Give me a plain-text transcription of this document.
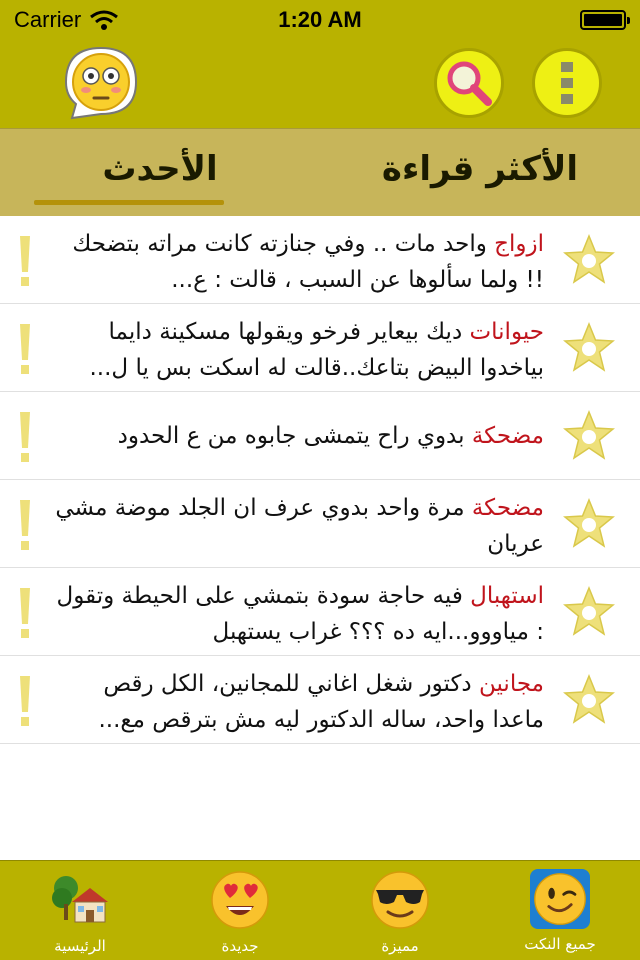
Carrier	1:20 AM
الأكثر قراءة
الأحدث
ازواج واحد مات .. وفي جنازته كانت مراته بتضحك !! ولما سألوها عن السبب ، قالت : ع...
حيوانات ديك بيعاير فرخو ويقولها مسكينة دايما بياخدوا البيض بتاعك..قالت له اسكت بس يا ل...
مضحكة بدوي راح يتمشى جابوه من ع الحدود
مضحكة مرة واحد بدوي عرف ان الجلد موضة مشي عريان
استهبال فيه حاجة سودة بتمشي على الحيطة وتقول : مياووو...ايه ده ؟؟؟ غراب يستهبل
مجانين دكتور شغل اغاني للمجانين، الكل رقص ماعدا واحد، ساله الدكتور ليه مش بترقص مع...
الرئيسية	جديدة	مميزة	جميع النكت
